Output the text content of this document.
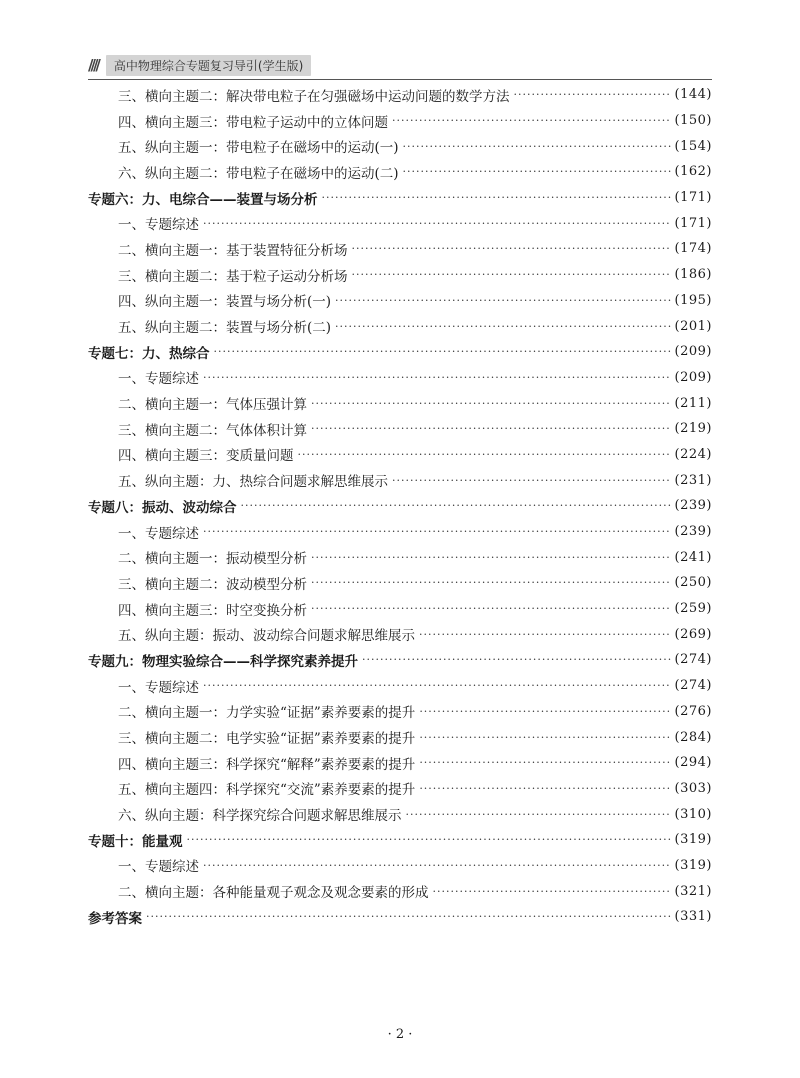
////	高中物理综合专题复习导引(学生版)
三、横向主题二：解决带电粒子在匀强磁场中运动问题的数学方法 ·····	(144)
四、横向主题三：带电粒子运动中的立体问题 ·····	(150)
五、纵向主题一：带电粒子在磁场中的运动(一) ·····	(154)
六、纵向主题二：带电粒子在磁场中的运动(二) ·····	(162)
专题六：力、电综合——装置与场分析 ·····	(171)
一、专题综述 ·····	(171)
二、横向主题一：基于装置特征分析场 ·····	(174)
三、横向主题二：基于粒子运动分析场 ·····	(186)
四、纵向主题一：装置与场分析(一) ·····	(195)
五、纵向主题二：装置与场分析(二) ·····	(201)
专题七：力、热综合 ·····	(209)
一、专题综述 ·····	(209)
二、横向主题一：气体压强计算 ·····	(211)
三、横向主题二：气体体积计算 ·····	(219)
四、横向主题三：变质量问题 ·····	(224)
五、纵向主题：力、热综合问题求解思维展示 ·····	(231)
专题八：振动、波动综合 ·····	(239)
一、专题综述 ·····	(239)
二、横向主题一：振动模型分析 ·····	(241)
三、横向主题二：波动模型分析 ·····	(250)
四、横向主题三：时空变换分析 ·····	(259)
五、纵向主题：振动、波动综合问题求解思维展示 ·····	(269)
专题九：物理实验综合——科学探究素养提升 ·····	(274)
一、专题综述 ·····	(274)
二、横向主题一：力学实验“证据”素养要素的提升 ·····	(276)
三、横向主题二：电学实验“证据”素养要素的提升 ·····	(284)
四、横向主题三：科学探究“解释”素养要素的提升 ·····	(294)
五、横向主题四：科学探究“交流”素养要素的提升 ·····	(303)
六、纵向主题：科学探究综合问题求解思维展示 ·····	(310)
专题十：能量观 ·····	(319)
一、专题综述 ·····	(319)
二、横向主题：各种能量观子观念及观念要素的形成 ·····	(321)
参考答案 ·····	(331)
· 2 ·
